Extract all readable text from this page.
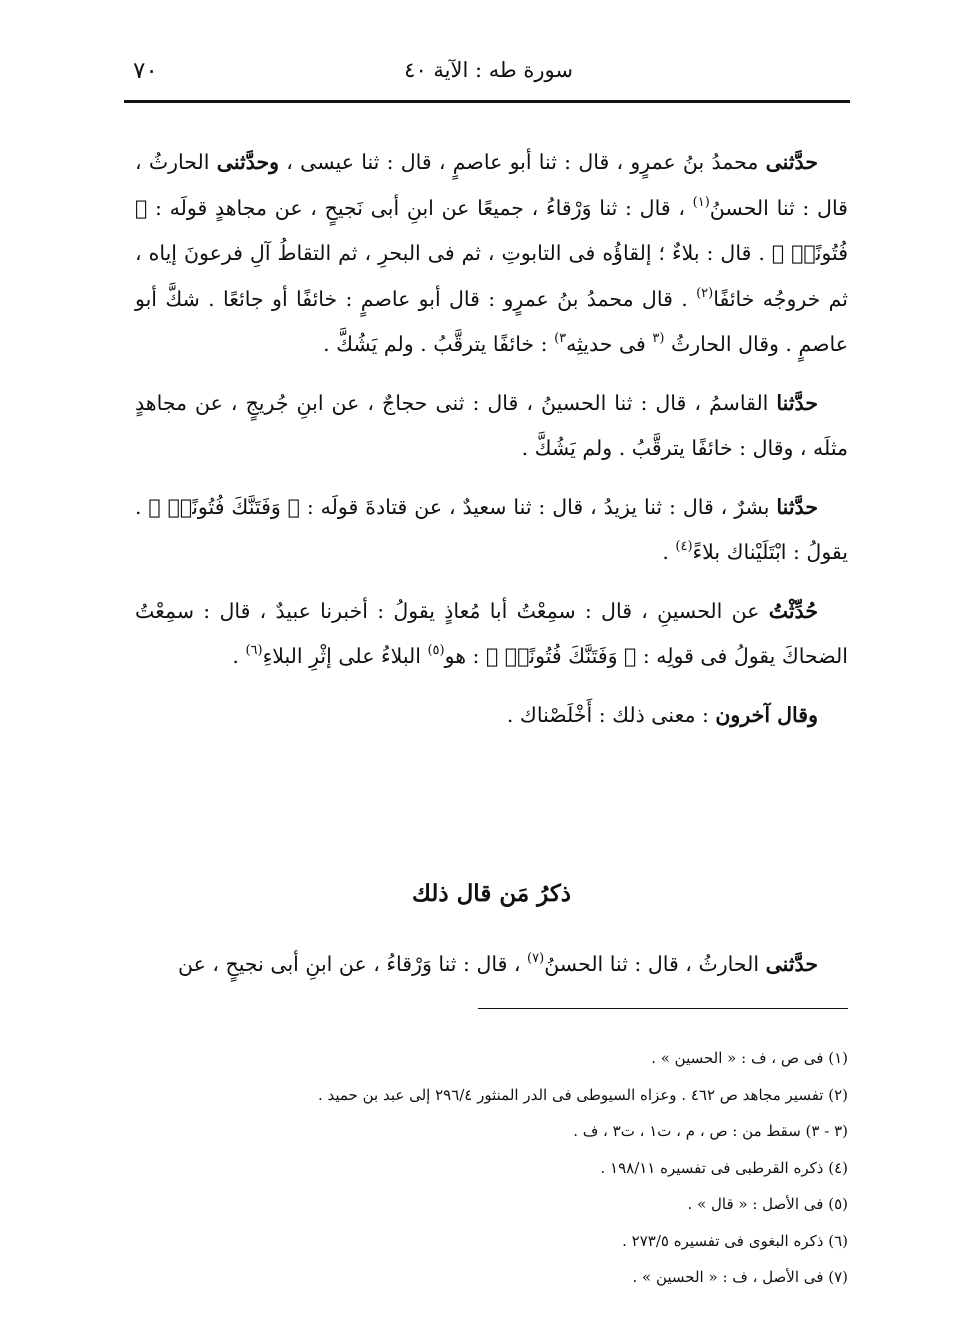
٧٠	سورة طه : الآية ٤٠

حدَّثنى محمدُ بنُ عمرٍو ، قال : ثنا أبو عاصمٍ ، قال : ثنا عيسى ، وحدَّثنى الحارثُ ، قال : ثنا الحسنُ$^{(١)}$ ، قال : ثنا وَرْقاءُ ، جميعًا عن ابنِ أبى نَجيحٍ ، عن مجاهدٍ قولَه : ﴿ فُتُونًاۚ ﴾ . قال : بلاءٌ ؛ إلقاؤُه فى التابوتِ ، ثم فى البحرِ ، ثم التقاطُ آلِ فرعونَ إياه ، ثم خروجُه خائفًا$^{(٢)}$ . قال محمدُ بنُ عمرٍو : قال أبو عاصمٍ : خائفًا أو جائعًا . شكَّ أبو عاصمٍ . وقال الحارثُ $^{(٣}$ فى حديثِه$^{٣)}$ : خائفًا يترقَّبُ . ولم يَشُكَّ .

حدَّثنا القاسمُ ، قال : ثنا الحسينُ ، قال : ثنى حجاجٌ ، عن ابنِ جُريجٍ ، عن مجاهدٍ مثلَه ، وقال : خائفًا يترقَّبُ . ولم يَشُكَّ .

حدَّثنا بشرٌ ، قال : ثنا يزيدُ ، قال : ثنا سعيدٌ ، عن قتادةَ قولَه : ﴿ وَفَتَنَّكَ فُتُونًاۚ ﴾ . يقولُ : ابْتَلَيْناك بلاءً$^{(٤)}$ .

حُدِّثْتُ عن الحسينِ ، قال : سمِعْتُ أبا مُعاذٍ يقولُ : أخبرنا عبيدٌ ، قال : سمِعْتُ الضحاكَ يقولُ فى قولِه : ﴿ وَفَتَنَّكَ فُتُونًاۚ ﴾ : هو$^{(٥)}$ البلاءُ على إثْرِ البلاءِ$^{(٦)}$ .

وقال آخرون : معنى ذلك : أَخْلَصْناك .

ذكرُ مَن قال ذلك

حدَّثنى الحارثُ ، قال : ثنا الحسنُ$^{(٧)}$ ، قال : ثنا وَرْقاءُ ، عن ابنِ أبى نجيحٍ ، عن

(١) فى ص ، ف : « الحسين » .
(٢) تفسير مجاهد ص ٤٦٢ . وعزاه السيوطى فى الدر المنثور ٢٩٦/٤ إلى عبد بن حميد .
(٣ - ٣) سقط من : ص ، م ، ت١ ، ت٣ ، ف .
(٤) ذكره القرطبى فى تفسيره ١٩٨/١١ .
(٥) فى الأصل : « قال » .
(٦) ذكره البغوى فى تفسيره ٢٧٣/٥ .
(٧) فى الأصل ، ف : « الحسين » .
